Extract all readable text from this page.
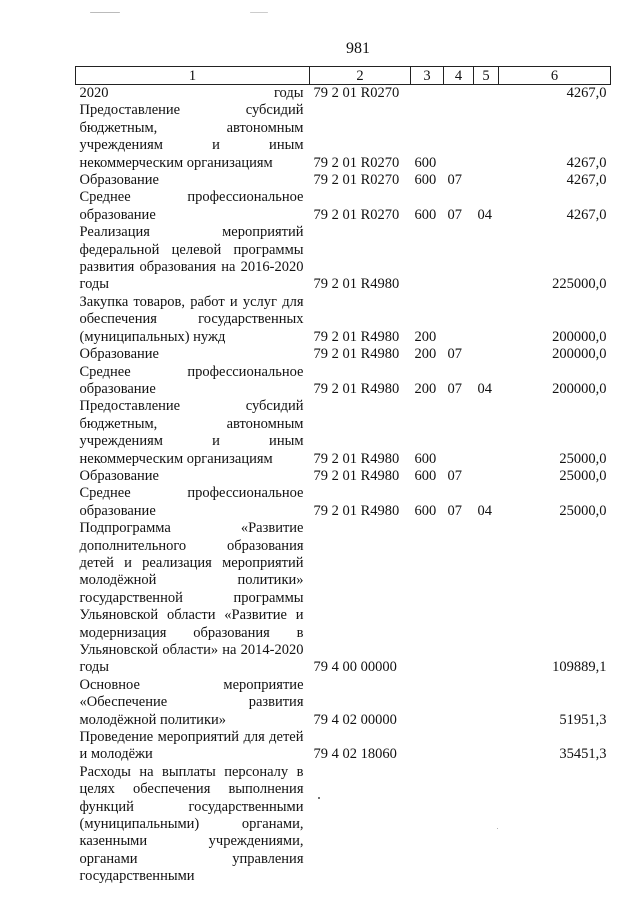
981
1	2	3	4	5	6
2020 годы	79 2 01 R0270				4267,0
Предоставление субсидий бюджетным, автономным учреждениям и иным некоммерческим организациям	79 2 01 R0270	600			4267,0
Образование	79 2 01 R0270	600	07		4267,0
Среднее профессиональное образование	79 2 01 R0270	600	07	04	4267,0
Реализация мероприятий федеральной целевой программы развития образования на 2016-2020 годы	79 2 01 R4980				225000,0
Закупка товаров, работ и услуг для обеспечения государственных (муниципальных) нужд	79 2 01 R4980	200			200000,0
Образование	79 2 01 R4980	200	07		200000,0
Среднее профессиональное образование	79 2 01 R4980	200	07	04	200000,0
Предоставление субсидий бюджетным, автономным учреждениям и иным некоммерческим организациям	79 2 01 R4980	600			25000,0
Образование	79 2 01 R4980	600	07		25000,0
Среднее профессиональное образование	79 2 01 R4980	600	07	04	25000,0
Подпрограмма «Развитие дополнительного образования детей и реализация мероприятий молодёжной политики» государственной программы Ульяновской области «Развитие и модернизация образования в Ульяновской области» на 2014-2020 годы	79 4 00 00000				109889,1
Основное мероприятие «Обеспечение развития молодёжной политики»	79 4 02 00000				51951,3
Проведение мероприятий для детей и молодёжи	79 4 02 18060				35451,3
Расходы на выплаты персоналу в целях обеспечения выполнения функций государственными (муниципальными) органами, казенными учреждениями, органами управления государственными					
